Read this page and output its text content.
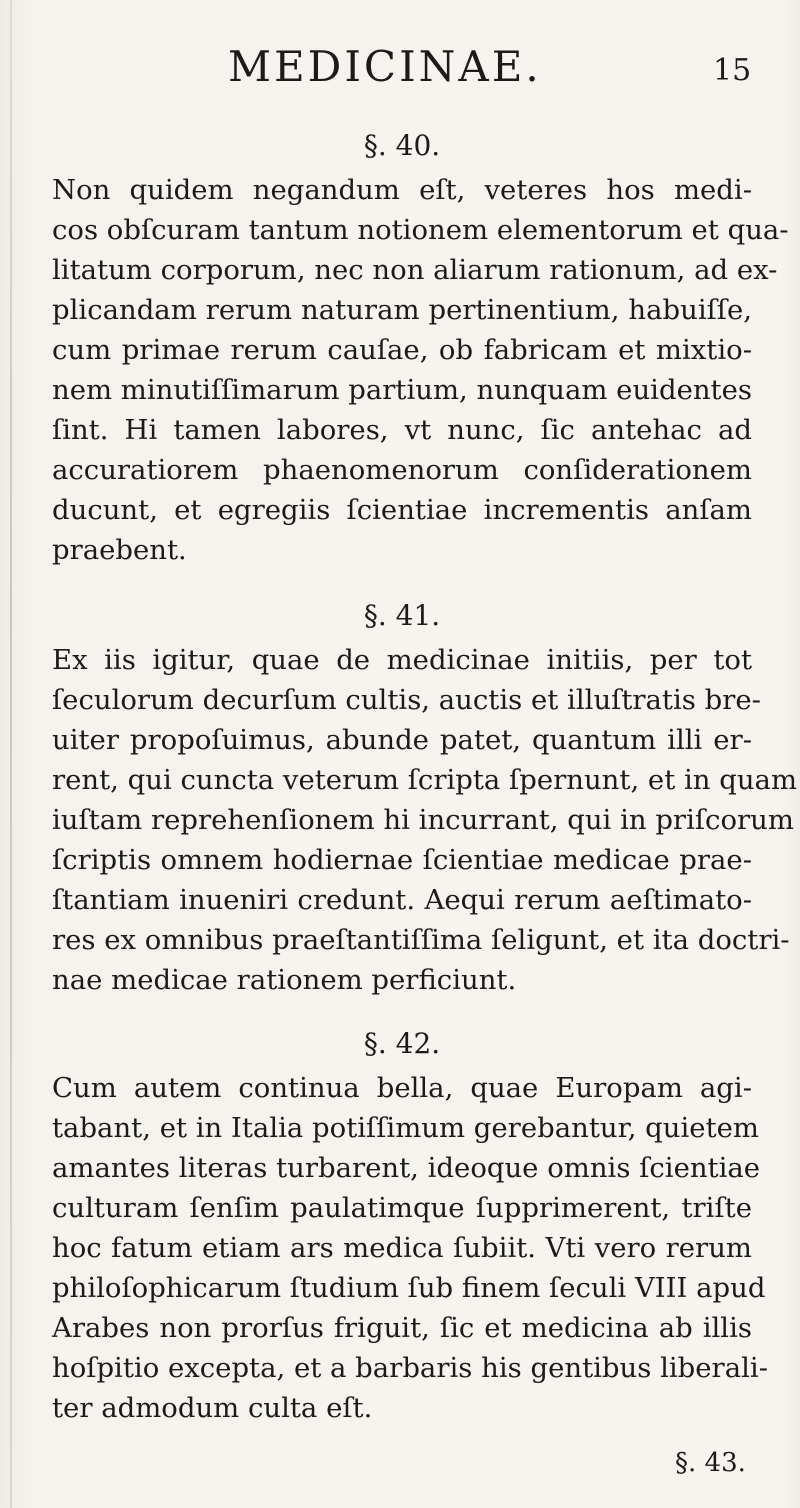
MEDICINAE.	15
§. 40.
Non quidem negandum eſt, veteres hos medi-
cos obſcuram tantum notionem elementorum et qua-
litatum corporum, nec non aliarum rationum, ad ex-
plicandam rerum naturam pertinentium, habuiſſe,
cum primae rerum cauſae, ob fabricam et mixtio-
nem minutiſſimarum partium, nunquam euidentes
ſint. Hi tamen labores, vt nunc, ſic antehac ad
accuratiorem phaenomenorum conſiderationem
ducunt, et egregiis ſcientiae incrementis anſam
praebent.
§. 41.
Ex iis igitur, quae de medicinae initiis, per tot
ſeculorum decurſum cultis, auctis et illuſtratis bre-
uiter propoſuimus, abunde patet, quantum illi er-
rent, qui cuncta veterum ſcripta ſpernunt, et in quam
iuſtam reprehenſionem hi incurrant, qui in priſcorum
ſcriptis omnem hodiernae ſcientiae medicae prae-
ſtantiam inueniri credunt. Aequi rerum aeſtimato-
res ex omnibus praeſtantiſſima ſeligunt, et ita doctri-
nae medicae rationem perficiunt.
§. 42.
Cum autem continua bella, quae Europam agi-
tabant, et in Italia potiſſimum gerebantur, quietem
amantes literas turbarent, ideoque omnis ſcientiae
culturam ſenſim paulatimque ſupprimerent, triſte
hoc fatum etiam ars medica ſubiit. Vti vero rerum
philoſophicarum ſtudium ſub finem ſeculi VIII apud
Arabes non prorſus friguit, ſic et medicina ab illis
hoſpitio excepta, et a barbaris his gentibus liberali-
ter admodum culta eſt.
§. 43.
